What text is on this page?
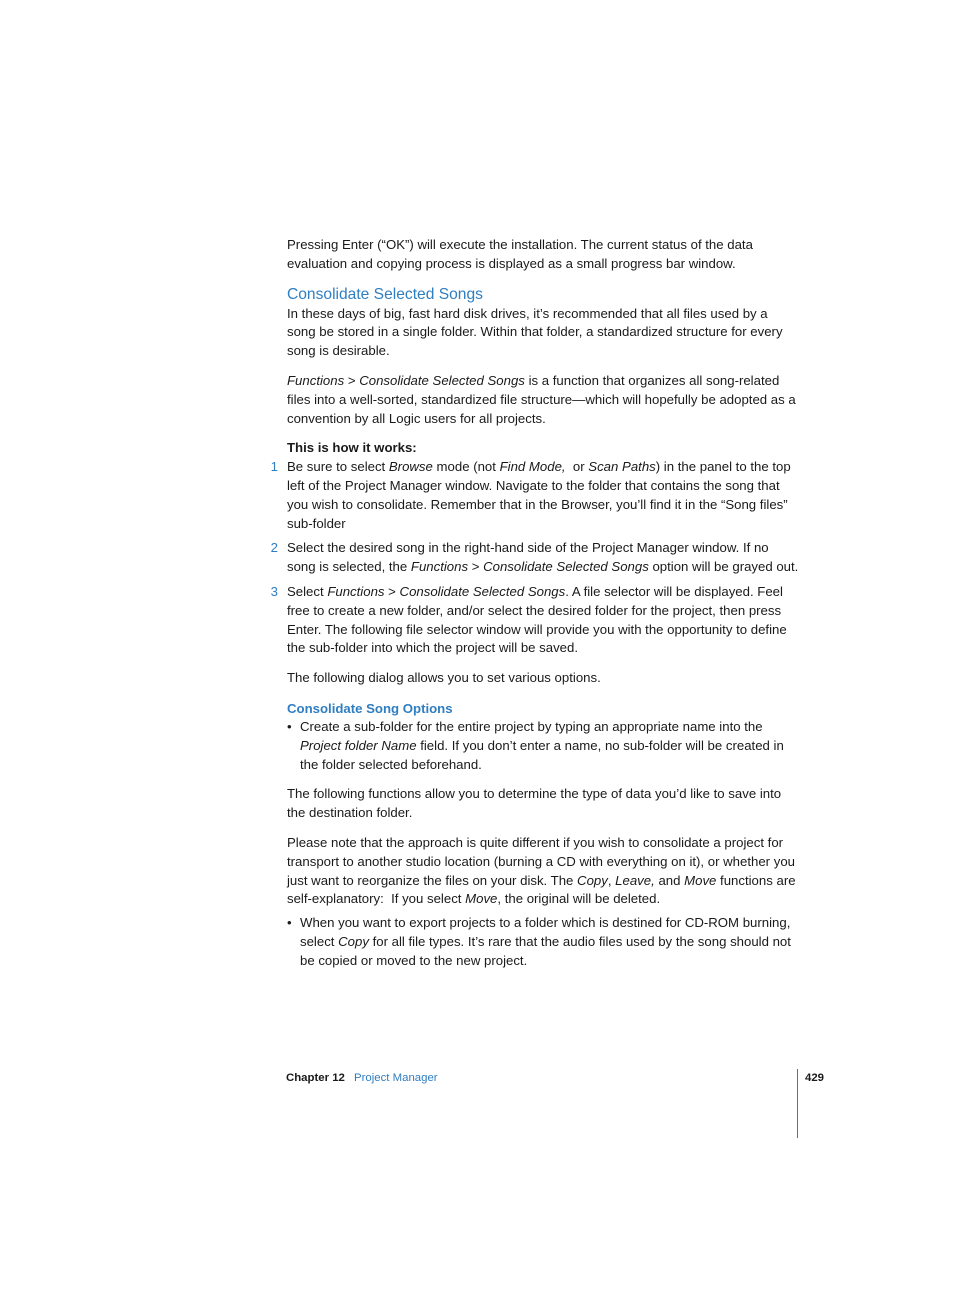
Pressing Enter (“OK”) will execute the installation. The current status of the data evaluation and copying process is displayed as a small progress bar window.

Consolidate Selected Songs

In these days of big, fast hard disk drives, it’s recommended that all files used by a song be stored in a single folder. Within that folder, a standardized structure for every song is desirable.

Functions > Consolidate Selected Songs is a function that organizes all song-related files into a well-sorted, standardized file structure—which will hopefully be adopted as a convention by all Logic users for all projects.

This is how it works:

1 Be sure to select Browse mode (not Find Mode,  or Scan Paths) in the panel to the top left of the Project Manager window. Navigate to the folder that contains the song that you wish to consolidate. Remember that in the Browser, you’ll find it in the “Song files” sub-folder
2 Select the desired song in the right-hand side of the Project Manager window. If no song is selected, the Functions > Consolidate Selected Songs option will be grayed out.
3 Select Functions > Consolidate Selected Songs. A file selector will be displayed. Feel free to create a new folder, and/or select the desired folder for the project, then press Enter. The following file selector window will provide you with the opportunity to define the sub-folder into which the project will be saved.

The following dialog allows you to set various options.

Consolidate Song Options
• Create a sub-folder for the entire project by typing an appropriate name into the Project folder Name field. If you don’t enter a name, no sub-folder will be created in the folder selected beforehand.

The following functions allow you to determine the type of data you’d like to save into the destination folder.

Please note that the approach is quite different if you wish to consolidate a project for transport to another studio location (burning a CD with everything on it), or whether you just want to reorganize the files on your disk. The Copy, Leave, and Move functions are self-explanatory:  If you select Move, the original will be deleted.

• When you want to export projects to a folder which is destined for CD-ROM burning, select Copy for all file types. It’s rare that the audio files used by the song should not be copied or moved to the new project.
Chapter 12 Project Manager	429
